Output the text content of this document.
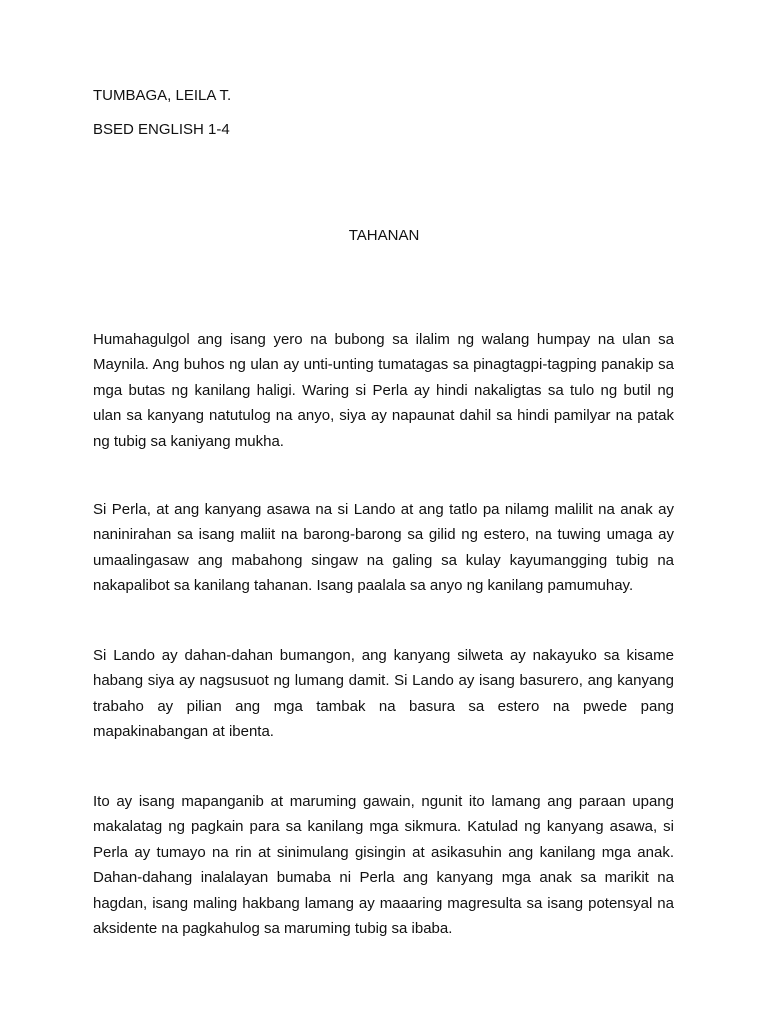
TUMBAGA, LEILA T.
BSED ENGLISH 1-4
TAHANAN

Humahagulgol ang isang yero na bubong sa ilalim ng walang humpay na ulan sa Maynila. Ang buhos ng ulan ay unti-unting tumatagas sa pinagtagpi-tagping panakip sa mga butas ng kanilang haligi. Waring si Perla ay hindi nakaligtas sa tulo ng butil ng ulan sa kanyang natutulog na anyo, siya ay napaunat dahil sa hindi pamilyar na patak ng tubig sa kaniyang mukha.

Si Perla, at ang kanyang asawa na si Lando at ang tatlo pa nilamg malilit na anak ay naninirahan sa isang maliit na barong-barong sa gilid ng estero, na tuwing umaga ay umaalingasaw ang mabahong singaw na galing sa kulay kayumangging tubig na nakapalibot sa kanilang tahanan. Isang paalala sa anyo ng kanilang pamumuhay.

Si Lando ay dahan-dahan bumangon, ang kanyang silweta ay nakayuko sa kisame habang siya ay nagsusuot ng lumang damit. Si Lando ay isang basurero, ang kanyang trabaho ay pilian ang mga tambak na basura sa estero na pwede pang mapakinabangan at ibenta.

Ito ay isang mapanganib at maruming gawain, ngunit ito lamang ang paraan upang makalatag ng pagkain para sa kanilang mga sikmura. Katulad ng kanyang asawa, si Perla ay tumayo na rin at sinimulang gisingin at asikasuhin ang kanilang mga anak. Dahan-dahang inalalayan bumaba ni Perla ang kanyang mga anak sa marikit na hagdan, isang maling hakbang lamang ay maaaring magresulta sa isang potensyal na aksidente na pagkahulog sa maruming tubig sa ibaba.
